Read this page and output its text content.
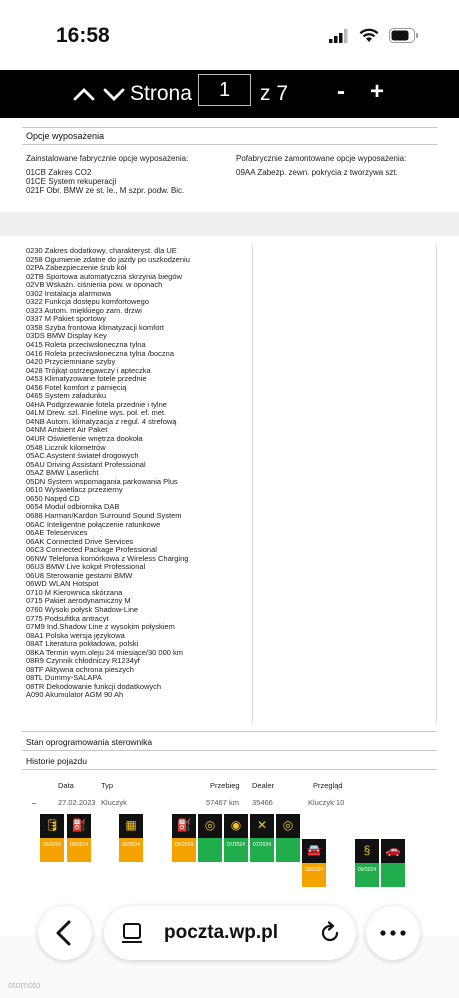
16:58
Strona
1	z 7 - +
Opcje wyposażenia
Zainstalowane fabrycznie opcje wyposażenia:
01CB Zakres CO2
01CE System rekuperacji
021F Obr. BMW ze st. le., M szpr. podw. Bic.
Pofabrycznie zamontowane opcje wyposażenia:
09AA Zabezp. zewn. pokrycia z tworzywa szt.
0230 Zakres dodatkowy, charakteryst. dla UE
0258 Ogumienie zdatne do jazdy po uszkodzeniu
02PA Zabezpieczenie śrub kół
02TB Sportowa automatyczna skrzynia biegów
02VB Wskaźn. ciśnienia pow. w oponach
0302 Instalacja alarmowa
0322 Funkcja dostępu komfortowego
0323 Autom. miękkiego zam. drzwi
0337 M Pakiet sportowy
0358 Szyba frontowa klimatyzacji komfort
03DS BMW Display Key
0415 Roleta przeciwsłoneczna tylna
0416 Roleta przeciwsłoneczna tylna /boczna
0420 Przyciemniane szyby
0428 Trójkąt ostrzegawczy i apteczka
0453 Klimatyzowane fotele przednie
0456 Fotel komfort z pamięcią
0465 System załadunku
04HA Podgrzewanie fotela przednie i tylne
04LM Drew. szl. Fineline wys. poł. ef. met.
04NB Autom. klimatyzacja z regul. 4 strefową
04NM Ambient Air Paket
04UR Oświetlenie wnętrza dookoła
0548 Licznik kilometrów
05AC Asystent świateł drogowych
05AU Driving Assistant Professional
05AZ BMW Laserlicht
05DN System wspomagania parkowania Plus
0610 Wyświetlacz przezierny
0650 Napęd CD
0654 Moduł odbiornika DAB
0688 Harman/Kardon Surround Sound System
06AC Inteligentne połączenie ratunkowe
06AE Teleservices
06AK Connected Drive Services
06C3 Connected Package Professional
06NW Telefonia komórkowa z Wireless Charging
06U3 BMW Live kokpit Professional
06U8 Sterowanie gestami BMW
06WD WLAN Hotspot
0710 M Kierownica skórzana
0715 Pakiet aerodynamiczny M
0760 Wysoki połysk Shadow-Line
0775 Podsufitka antracyt
07M9 Ind.Shadow Line z wysokim połyskiem
08A1 Polska wersja językowa
08AT Literatura pokładowa, polski
08KA Termin wym.oleju 24 miesiące/30 000 km
08R9 Czynnik chłodniczy R1234yf
08TF Aktywna ochrona pieszych
08TL Dummy-SALAPA
08TR Dekodowanie funkcji dodatkowych
A090 Akumulator AGM 90 Ah
Stan oprogramowania sterownika
Historie pojazdu
Data	Typ	Przebieg Dealer	Przegląd
–	27.02.2023 Kluczyk	57467 km 35466	Kluczyk 10
🛢
05/2024
⛽
05/2024
▦
05/2024
⛽
05/2024
◎	◉
07/2024
✕
07/2024
◎
🚘
05/2024
§
09/2024
🚗
poczta.wp.pl
otomoto
